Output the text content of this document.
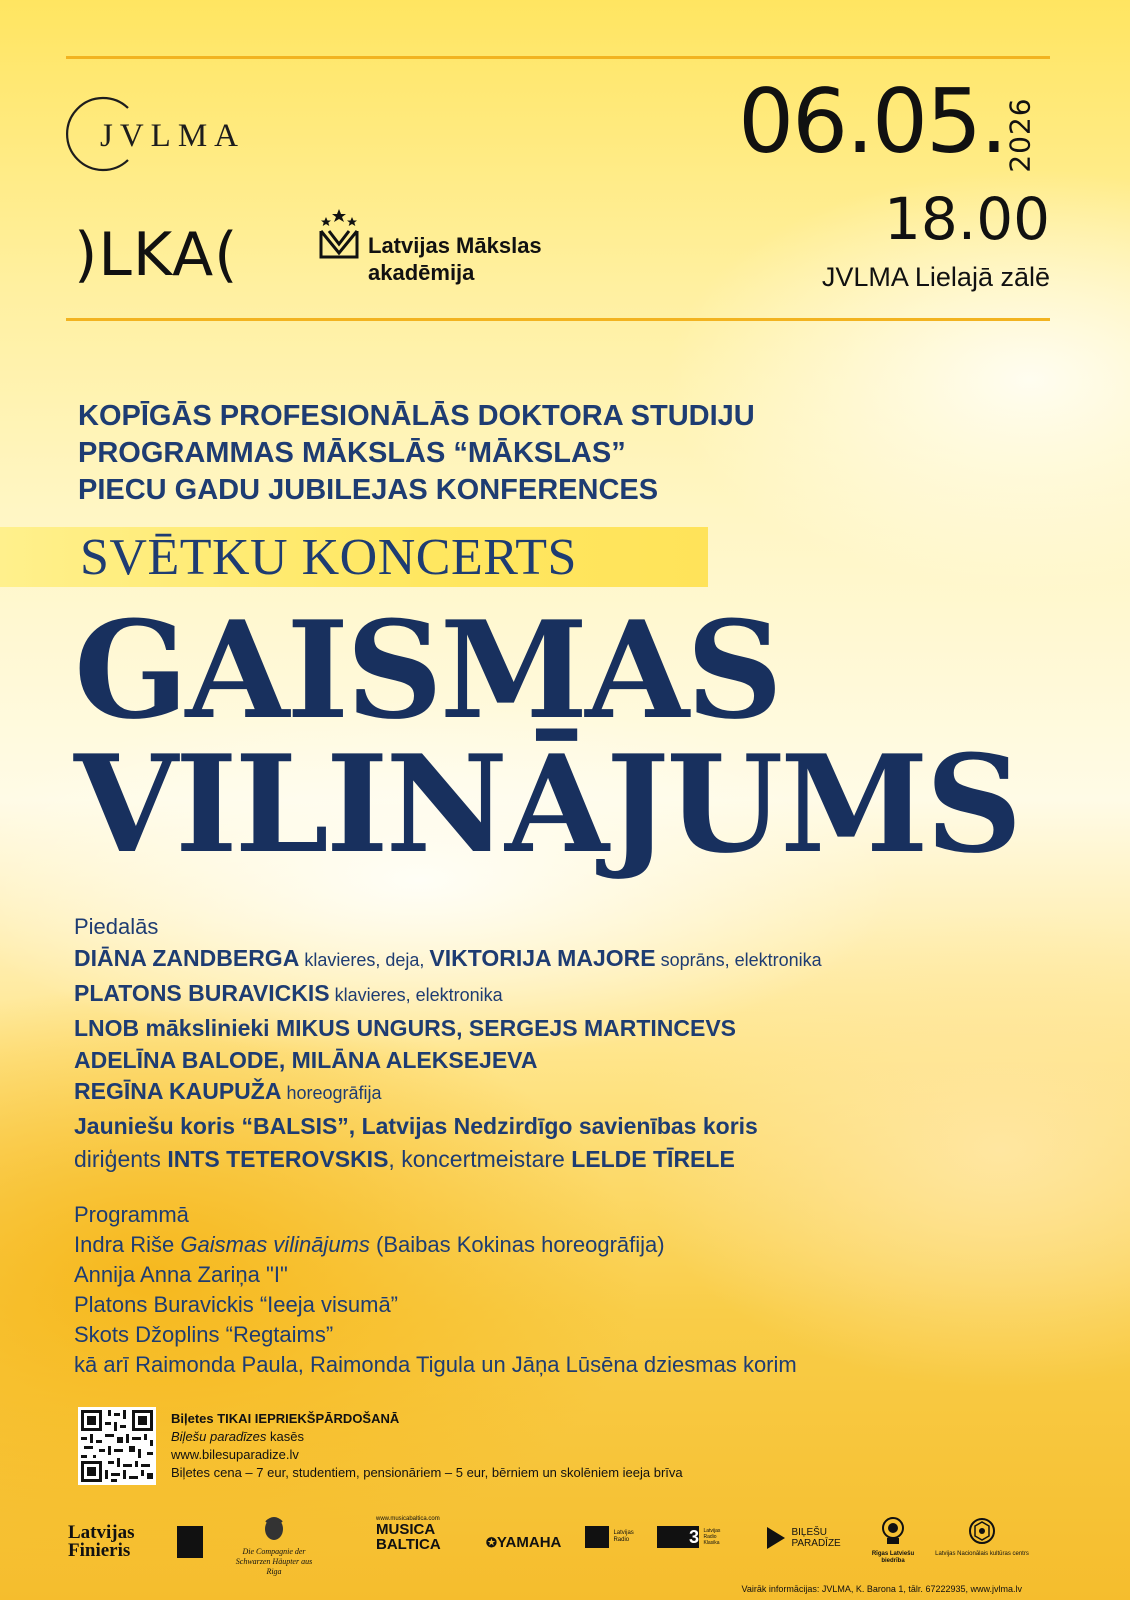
JVLMA
)LKA(	Latvijas Mākslas
akadēmija
06.05.
2026
18.00
JVLMA Lielajā zālē
KOPĪGĀS PROFESIONĀLĀS DOKTORA STUDIJU
PROGRAMMAS MĀKSLĀS “MĀKSLAS”
PIECU GADU JUBILEJAS KONFERENCES
SVĒTKU KONCERTS
GAISMAS
VILINĀJUMS

Piedalās

DIĀNA ZANDBERGA klavieres, deja, VIKTORIJA MAJORE soprāns, elektronika

PLATONS BURAVICKIS klavieres, elektronika

LNOB mākslinieki MIKUS UNGURS, SERGEJS MARTINCEVS

ADELĪNA BALODE, MILĀNA ALEKSEJEVA

REGĪNA KAUPUŽA horeogrāfija

Jauniešu koris “BALSIS”, Latvijas Nedzirdīgo savienības koris

diriģents INTS TETEROVSKIS, koncertmeistare LELDE TĪRELE

Programmā

Indra Riše Gaismas vilinājums (Baibas Kokinas horeogrāfija)

Annija Anna Zariņa "I"

Platons Buravickis “Ieeja visumā”

Skots Džoplins “Regtaims”

kā arī Raimonda Paula, Raimonda Tigula un Jāņa Lūsēna dziesmas korim

Biļetes TIKAI IEPRIEKŠPĀRDOŠANĀ

Biļešu paradīzes kasēs

www.bilesuparadize.lv

Biļetes cena – 7 eur, studentiem, pensionāriem – 5 eur, bērniem un skolēniem ieeja brīva

Latvijas
Finieris	Die Compagnie der
Schwarzen Häupter aus Riga
www.musicabaltica.com
MUSICA
BALTICA	✪YAMAHA
Latvijas Radio	3 Latvijas Radio Klasika
BIĻEŠU
PARADĪZE
Rīgas Latviešu biedrība
Latvijas Nacionālais kultūras centrs
Vairāk informācijas: JVLMA, K. Barona 1, tālr. 67222935, www.jvlma.lv
